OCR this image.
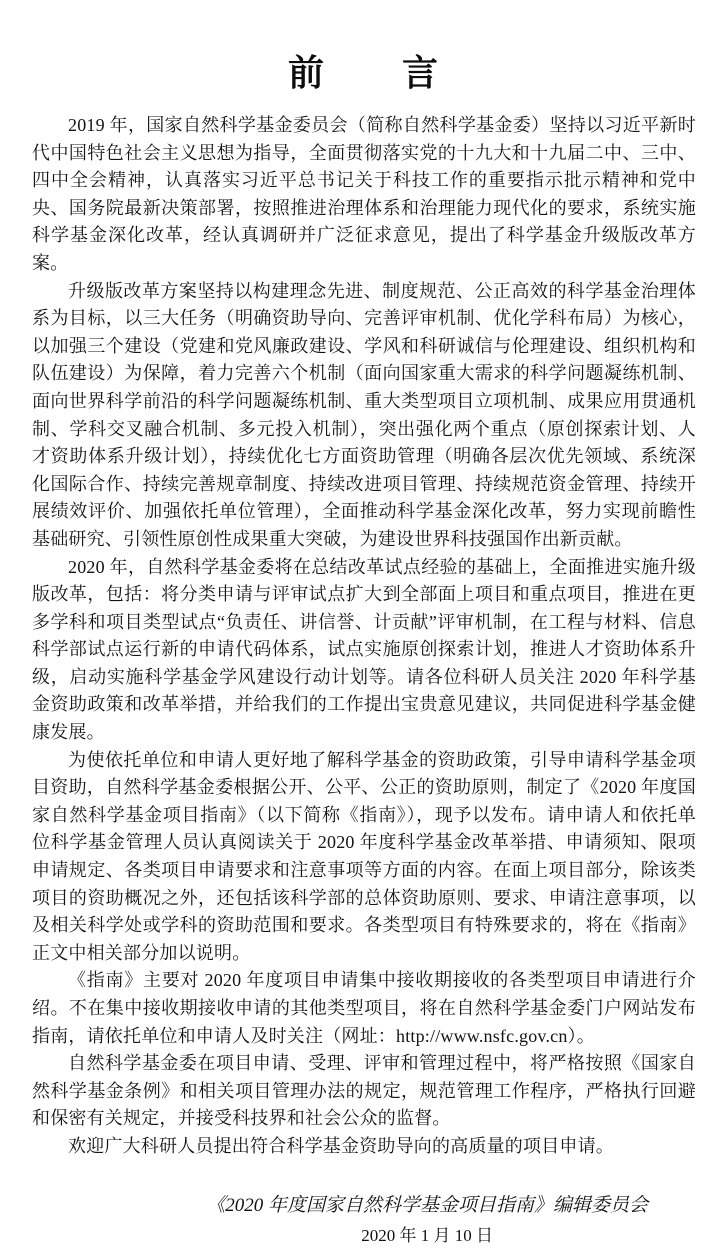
前　　言

2019 年，国家自然科学基金委员会（简称自然科学基金委）坚持以习近平新时代中国特色社会主义思想为指导，全面贯彻落实党的十九大和十九届二中、三中、四中全会精神，认真落实习近平总书记关于科技工作的重要指示批示精神和党中央、国务院最新决策部署，按照推进治理体系和治理能力现代化的要求，系统实施科学基金深化改革，经认真调研并广泛征求意见，提出了科学基金升级版改革方案。

升级版改革方案坚持以构建理念先进、制度规范、公正高效的科学基金治理体系为目标，以三大任务（明确资助导向、完善评审机制、优化学科布局）为核心，以加强三个建设（党建和党风廉政建设、学风和科研诚信与伦理建设、组织机构和队伍建设）为保障，着力完善六个机制（面向国家重大需求的科学问题凝练机制、面向世界科学前沿的科学问题凝练机制、重大类型项目立项机制、成果应用贯通机制、学科交叉融合机制、多元投入机制），突出强化两个重点（原创探索计划、人才资助体系升级计划），持续优化七方面资助管理（明确各层次优先领域、系统深化国际合作、持续完善规章制度、持续改进项目管理、持续规范资金管理、持续开展绩效评价、加强依托单位管理），全面推动科学基金深化改革，努力实现前瞻性基础研究、引领性原创性成果重大突破，为建设世界科技强国作出新贡献。

2020 年，自然科学基金委将在总结改革试点经验的基础上，全面推进实施升级版改革，包括：将分类申请与评审试点扩大到全部面上项目和重点项目，推进在更多学科和项目类型试点“负责任、讲信誉、计贡献”评审机制，在工程与材料、信息科学部试点运行新的申请代码体系，试点实施原创探索计划，推进人才资助体系升级，启动实施科学基金学风建设行动计划等。请各位科研人员关注 2020 年科学基金资助政策和改革举措，并给我们的工作提出宝贵意见建议，共同促进科学基金健康发展。

为使依托单位和申请人更好地了解科学基金的资助政策，引导申请科学基金项目资助，自然科学基金委根据公开、公平、公正的资助原则，制定了《2020 年度国家自然科学基金项目指南》（以下简称《指南》），现予以发布。请申请人和依托单位科学基金管理人员认真阅读关于 2020 年度科学基金改革举措、申请须知、限项申请规定、各类项目申请要求和注意事项等方面的内容。在面上项目部分，除该类项目的资助概况之外，还包括该科学部的总体资助原则、要求、申请注意事项，以及相关科学处或学科的资助范围和要求。各类型项目有特殊要求的，将在《指南》正文中相关部分加以说明。

《指南》主要对 2020 年度项目申请集中接收期接收的各类型项目申请进行介绍。不在集中接收期接收申请的其他类型项目，将在自然科学基金委门户网站发布指南，请依托单位和申请人及时关注（网址：http://www.nsfc.gov.cn）。

自然科学基金委在项目申请、受理、评审和管理过程中，将严格按照《国家自然科学基金条例》和相关项目管理办法的规定，规范管理工作程序，严格执行回避和保密有关规定，并接受科技界和社会公众的监督。

欢迎广大科研人员提出符合科学基金资助导向的高质量的项目申请。

《2020 年度国家自然科学基金项目指南》编辑委员会
2020 年 1 月 10 日
